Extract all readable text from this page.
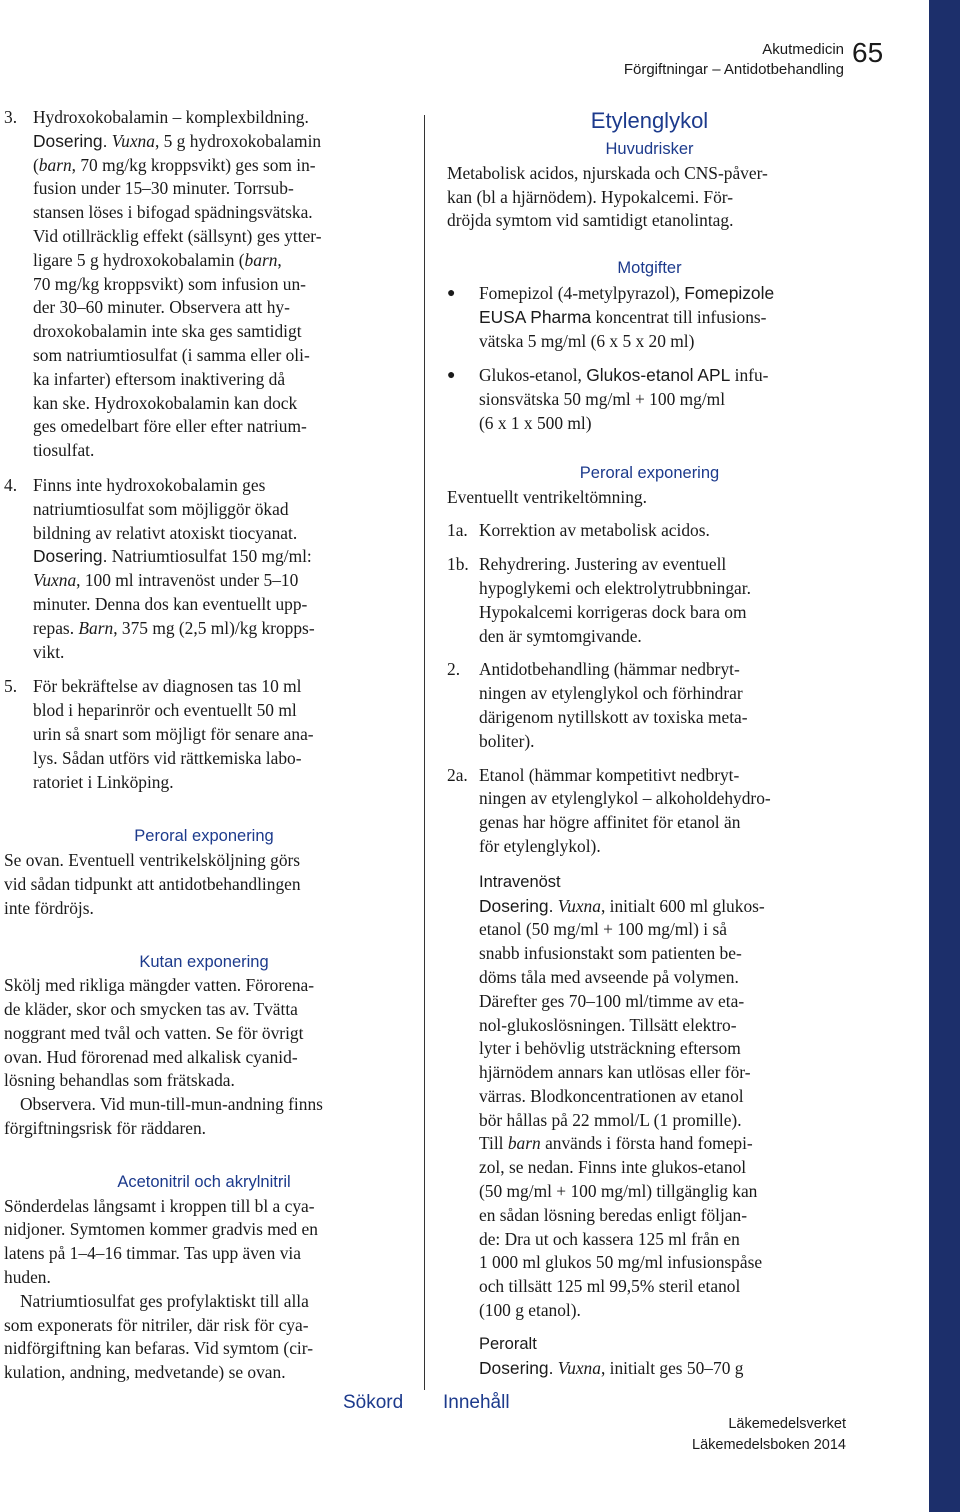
Akutmedicin
Förgiftningar – Antidotbehandling
65
3. Hydroxokobalamin – komplexbildning.
Dosering. Vuxna, 5 g hydroxokobalamin
(barn, 70 mg/kg kroppsvikt) ges som in-
fusion under 15–30 minuter. Torrsub-
stansen löses i bifogad spädningsvätska.
Vid otillräcklig effekt (sällsynt) ges ytter-
ligare 5 g hydroxokobalamin (barn,
70 mg/kg kroppsvikt) som infusion un-
der 30–60 minuter. Observera att hy-
droxokobalamin inte ska ges samtidigt
som natriumtiosulfat (i samma eller oli-
ka infarter) eftersom inaktivering då
kan ske. Hydroxokobalamin kan dock
ges omedelbart före eller efter natrium-
tiosulfat.
4. Finns inte hydroxokobalamin ges
natriumtiosulfat som möjliggör ökad
bildning av relativt atoxiskt tiocyanat.
Dosering. Natriumtiosulfat 150 mg/ml:
Vuxna, 100 ml intravenöst under 5–10
minuter. Denna dos kan eventuellt upp-
repas. Barn, 375 mg (2,5 ml)/kg kropps-
vikt.
5. För bekräftelse av diagnosen tas 10 ml
blod i heparinrör och eventuellt 50 ml
urin så snart som möjligt för senare ana-
lys. Sådan utförs vid rättkemiska labo-
ratoriet i Linköping.
Peroral exponering

Se ovan. Eventuell ventrikelsköljning görs
vid sådan tidpunkt att antidotbehandlingen
inte fördröjs.

Kutan exponering

Skölj med rikliga mängder vatten. Förorena-
de kläder, skor och smycken tas av. Tvätta
noggrant med tvål och vatten. Se för övrigt
ovan. Hud förorenad med alkalisk cyanid-
lösning behandlas som frätskada.
Observera. Vid mun-till-mun-andning finns
förgiftningsrisk för räddaren.

Acetonitril och akrylnitril

Sönderdelas långsamt i kroppen till bl a cya-
nidjoner. Symtomen kommer gradvis med en
latens på 1–4–16 timmar. Tas upp även via
huden.
Natriumtiosulfat ges profylaktiskt till alla
som exponerats för nitriler, där risk för cya-
nidförgiftning kan befaras. Vid symtom (cir-
kulation, andning, medvetande) se ovan.

Etylenglykol
Huvudrisker

Metabolisk acidos, njurskada och CNS-påver-
kan (bl a hjärnödem). Hypokalcemi. För-
dröjda symtom vid samtidigt etanolintag.

Motgifter
●	Fomepizol (4-metylpyrazol), Fomepizole
EUSA Pharma koncentrat till infusions-
vätska 5 mg/ml (6 x 5 x 20 ml)
●	Glukos-etanol, Glukos-etanol APL infu-
sionsvätska 50 mg/ml + 100 mg/ml
(6 x 1 x 500 ml)
Peroral exponering

Eventuellt ventrikeltömning.

1a. Korrektion av metabolisk acidos.
1b. Rehydrering. Justering av eventuell
hypoglykemi och elektrolytrubbningar.
Hypokalcemi korrigeras dock bara om
den är symtomgivande.
2.	Antidotbehandling (hämmar nedbryt-
ningen av etylenglykol och förhindrar
därigenom nytillskott av toxiska meta-
boliter).
2a. Etanol (hämmar kompetitivt nedbryt-
ningen av etylenglykol – alkoholdehydro-
genas har högre affinitet för etanol än
för etylenglykol).
Intravenöst

Dosering. Vuxna, initialt 600 ml glukos-
etanol (50 mg/ml + 100 mg/ml) i så
snabb infusionstakt som patienten be-
döms tåla med avseende på volymen.
Därefter ges 70–100 ml/timme av eta-
nol-glukoslösningen. Tillsätt elektro-
lyter i behövlig utsträckning eftersom
hjärnödem annars kan utlösas eller för-
värras. Blodkoncentrationen av etanol
bör hållas på 22 mmol/L (1 promille).
Till barn används i första hand fomepi-
zol, se nedan. Finns inte glukos-etanol
(50 mg/ml + 100 mg/ml) tillgänglig kan
en sådan lösning beredas enligt följan-
de: Dra ut och kassera 125 ml från en
1 000 ml glukos 50 mg/ml infusionspåse
och tillsätt 125 ml 99,5% steril etanol
(100 g etanol).

Peroralt

Dosering. Vuxna, initialt ges 50–70 g

Sökord Innehåll
Läkemedelsverket
Läkemedelsboken 2014
